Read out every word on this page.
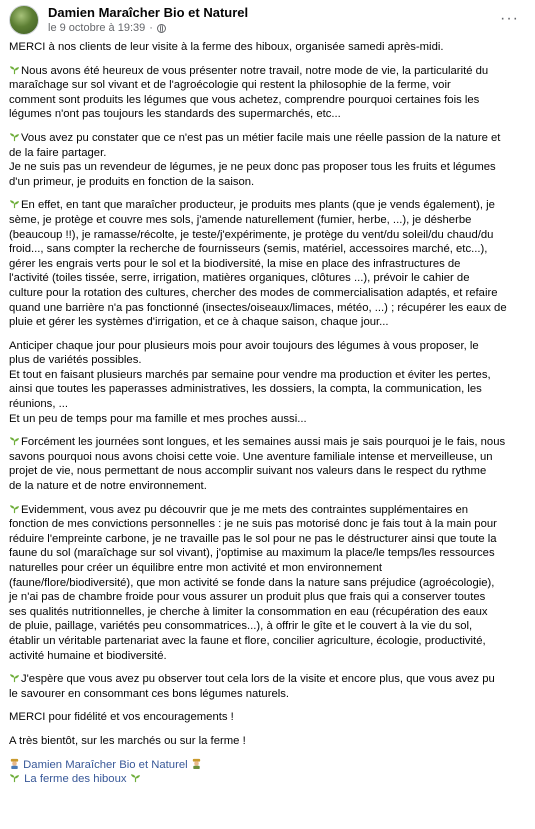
Damien Maraîcher Bio et Naturel
le 9 octobre à 19:39 ·
···
MERCI à nos clients de leur visite à la ferme des hiboux, organisée samedi après-midi.
Nous avons été heureux de vous présenter notre travail, notre mode de vie, la particularité du
maraîchage sur sol vivant et de l'agroécologie qui restent la philosophie de la ferme, voir
comment sont produits les légumes que vous achetez, comprendre pourquoi certaines fois les
légumes n'ont pas toujours les standards des supermarchés, etc...
Vous avez pu constater que ce n'est pas un métier facile mais une réelle passion de la nature et
de la faire partager.
Je ne suis pas un revendeur de légumes, je ne peux donc pas proposer tous les fruits et légumes
d'un primeur, je produits en fonction de la saison.
En effet, en tant que maraîcher producteur, je produits mes plants (que je vends également), je
sème, je protège et couvre mes sols, j'amende naturellement (fumier, herbe, ...), je désherbe
(beaucoup !!), je ramasse/récolte, je teste/j'expérimente, je protège du vent/du soleil/du chaud/du
froid..., sans compter la recherche de fournisseurs (semis, matériel, accessoires marché, etc...),
gérer les engrais verts pour le sol et la biodiversité, la mise en place des infrastructures de
l'activité (toiles tissée, serre, irrigation, matières organiques, clôtures ...), prévoir le cahier de
culture pour la rotation des cultures, chercher des modes de commercialisation adaptés, et refaire
quand une barrière n'a pas fonctionné (insectes/oiseaux/limaces, météo, ...) ; récupérer les eaux de
pluie et gérer les systèmes d'irrigation, et ce à chaque saison, chaque jour...
Anticiper chaque jour pour plusieurs mois pour avoir toujours des légumes à vous proposer, le
plus de variétés possibles.
Et tout en faisant plusieurs marchés par semaine pour vendre ma production et éviter les pertes,
ainsi que toutes les paperasses administratives, les dossiers, la compta, la communication, les
réunions, ...
Et un peu de temps pour ma famille et mes proches aussi...
Forcément les journées sont longues, et les semaines aussi mais je sais pourquoi je le fais, nous
savons pourquoi nous avons choisi cette voie. Une aventure familiale intense et merveilleuse, un
projet de vie, nous permettant de nous accomplir suivant nos valeurs dans le respect du rythme
de la nature et de notre environnement.
Evidemment, vous avez pu découvrir que je me mets des contraintes supplémentaires en
fonction de mes convictions personnelles : je ne suis pas motorisé donc je fais tout à la main pour
réduire l'empreinte carbone, je ne travaille pas le sol pour ne pas le déstructurer ainsi que toute la
faune du sol (maraîchage sur sol vivant), j'optimise au maximum la place/le temps/les ressources
naturelles pour créer un équilibre entre mon activité et mon environnement
(faune/flore/biodiversité), que mon activité se fonde dans la nature sans préjudice (agroécologie),
je n'ai pas de chambre froide pour vous assurer un produit plus que frais qui a conserver toutes
ses qualités nutritionnelles, je cherche à limiter la consommation en eau (récupération des eaux
de pluie, paillage, variétés peu consommatrices...), à offrir le gîte et le couvert à la vie du sol,
établir un véritable partenariat avec la faune et flore, concilier agriculture, écologie, productivité,
activité humaine et biodiversité.
J'espère que vous avez pu observer tout cela lors de la visite et encore plus, que vous avez pu
le savourer en consommant ces bons légumes naturels.
MERCI pour fidélité et vos encouragements !
A très bientôt, sur les marchés ou sur la ferme !
Damien Maraîcher Bio et Naturel
La ferme des hiboux
